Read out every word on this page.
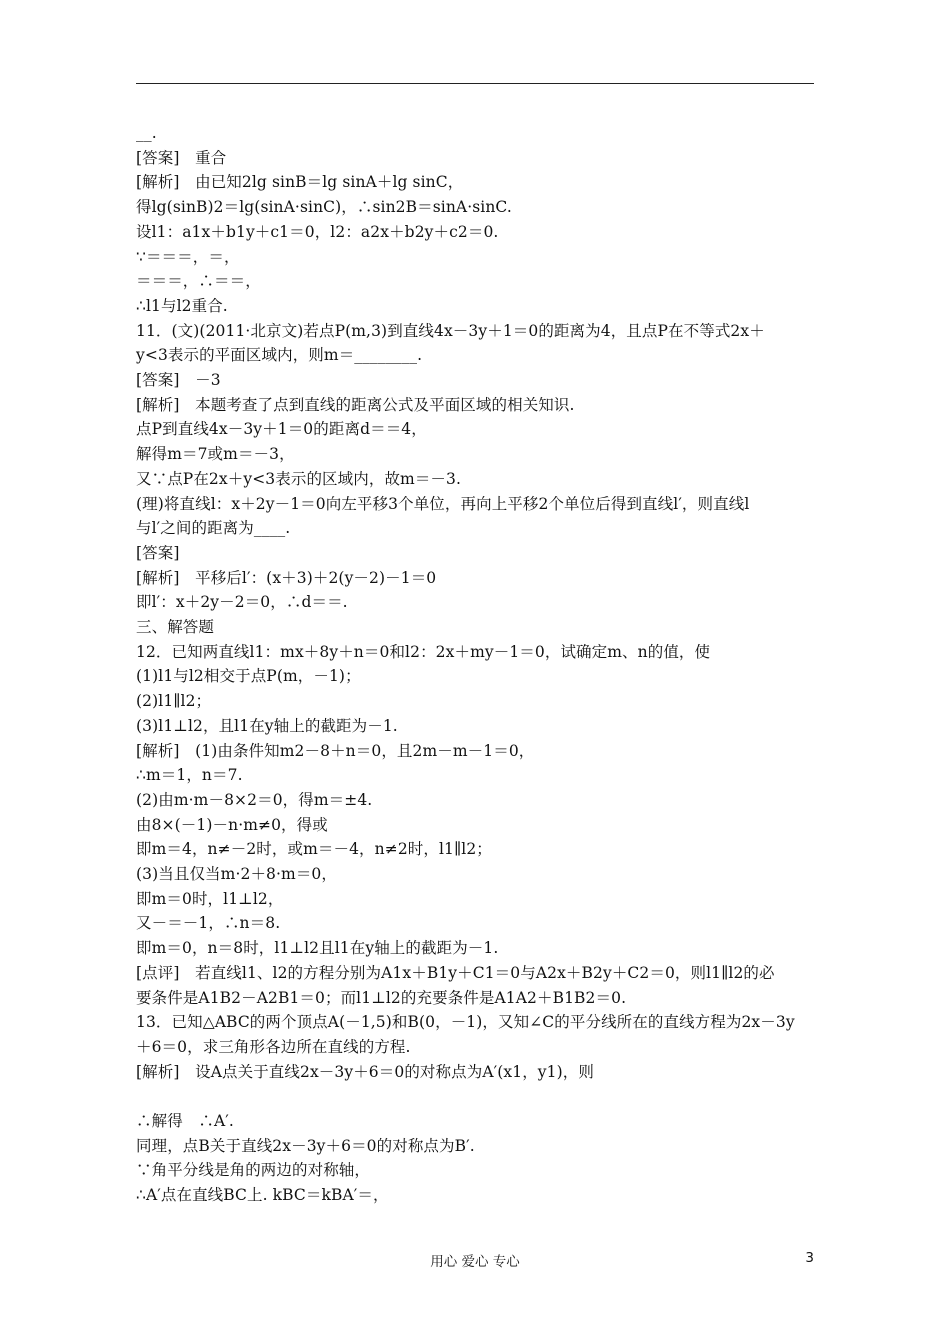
__.
[答案]　重合
[解析]　由已知2lg sinB＝lg sinA＋lg sinC，
得lg(sinB)2＝lg(sinA·sinC)，∴sin2B＝sinA·sinC.
设l1：a1x＋b1y＋c1＝0，l2：a2x＋b2y＋c2＝0.
∵＝＝＝，＝，
＝＝＝，∴＝＝，
∴l1与l2重合.
11．(文)(2011·北京文)若点P(m,3)到直线4x－3y＋1＝0的距离为4，且点P在不等式2x＋
y<3表示的平面区域内，则m＝________.
[答案]　－3
[解析]　本题考查了点到直线的距离公式及平面区域的相关知识.
点P到直线4x－3y＋1＝0的距离d＝＝4，
解得m＝7或m＝－3，
又∵点P在2x＋y<3表示的区域内，故m＝－3.
(理)将直线l：x＋2y－1＝0向左平移3个单位，再向上平移2个单位后得到直线l′，则直线l
与l′之间的距离为____.
[答案]
[解析]　平移后l′：(x＋3)＋2(y－2)－1＝0
即l′：x＋2y－2＝0，∴d＝＝.
三、解答题
12．已知两直线l1：mx＋8y＋n＝0和l2：2x＋my－1＝0，试确定m、n的值，使
(1)l1与l2相交于点P(m，－1)；
(2)l1∥l2；
(3)l1⊥l2，且l1在y轴上的截距为－1.
[解析]　(1)由条件知m2－8＋n＝0，且2m－m－1＝0，
∴m＝1，n＝7.
(2)由m·m－8×2＝0，得m＝±4.
由8×(－1)－n·m≠0，得或
即m＝4，n≠－2时，或m＝－4，n≠2时，l1∥l2；
(3)当且仅当m·2＋8·m＝0，
即m＝0时，l1⊥l2，
又－＝－1，∴n＝8.
即m＝0，n＝8时，l1⊥l2且l1在y轴上的截距为－1.
[点评]　若直线l1、l2的方程分别为A1x＋B1y＋C1＝0与A2x＋B2y＋C2＝0，则l1∥l2的必
要条件是A1B2－A2B1＝0；而l1⊥l2的充要条件是A1A2＋B1B2＝0.
13．已知△ABC的两个顶点A(－1,5)和B(0，－1)，又知∠C的平分线所在的直线方程为2x－3y
＋6＝0，求三角形各边所在直线的方程.
[解析]　设A点关于直线2x－3y＋6＝0的对称点为A′(x1，y1)，则
∴解得　∴A′.
同理，点B关于直线2x－3y＋6＝0的对称点为B′.
∵角平分线是角的两边的对称轴，
∴A′点在直线BC上. kBC＝kBA′＝，
用心 爱心 专心	3
